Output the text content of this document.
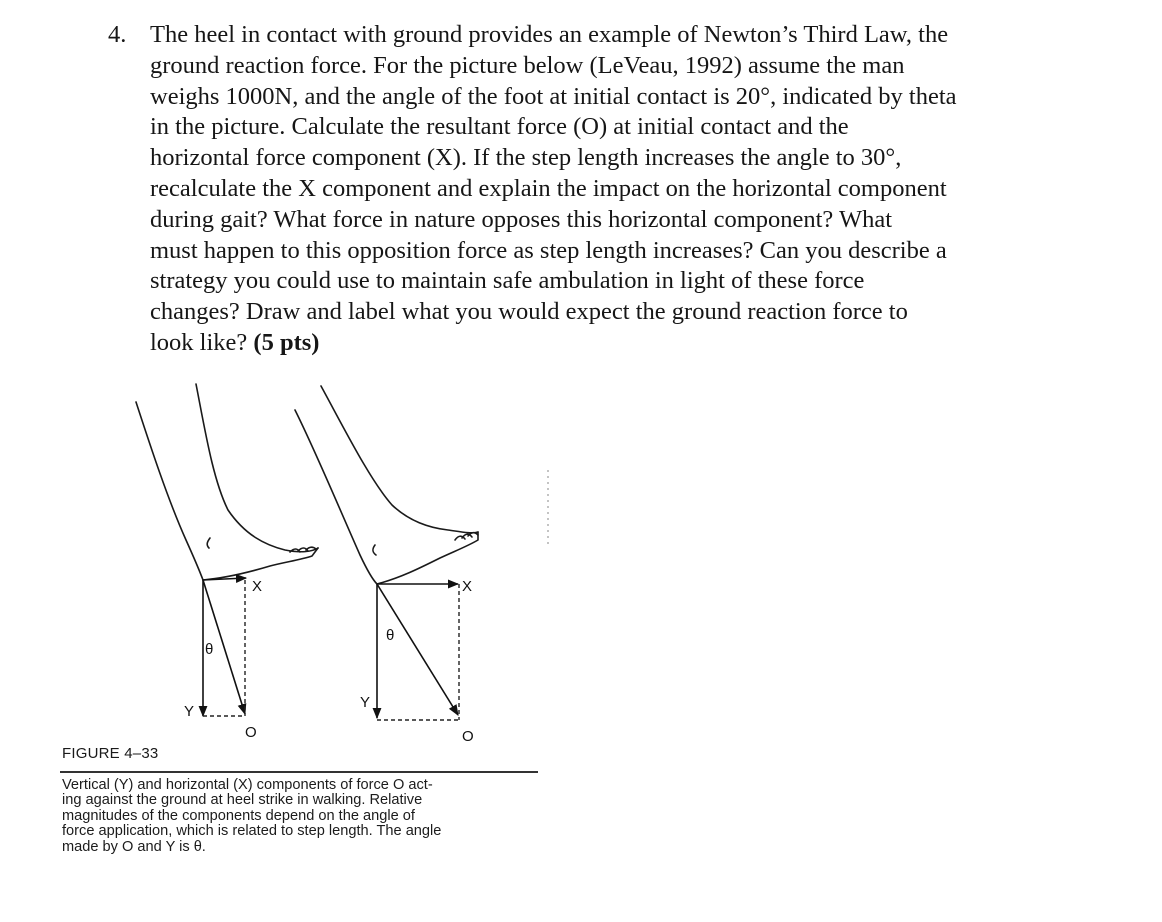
4. The heel in contact with ground provides an example of Newton’s Third Law, the
ground reaction force. For the picture below (LeVeau, 1992) assume the man
weighs 1000N, and the angle of the foot at initial contact is 20°, indicated by theta
in the picture. Calculate the resultant force (O) at initial contact and the
horizontal force component (X). If the step length increases the angle to 30°,
recalculate the X component and explain the impact on the horizontal component
during gait? What force in nature opposes this horizontal component? What
must happen to this opposition force as step length increases? Can you describe a
strategy you could use to maintain safe ambulation in light of these force
changes? Draw and label what you would expect the ground reaction force to
look like? (5 pts)
X
Y
θ
O
X
Y
θ
O
FIGURE 4–33
Vertical (Y) and horizontal (X) components of force O act-
ing against the ground at heel strike in walking. Relative
magnitudes of the components depend on the angle of
force application, which is related to step length. The angle
made by O and Y is θ.
